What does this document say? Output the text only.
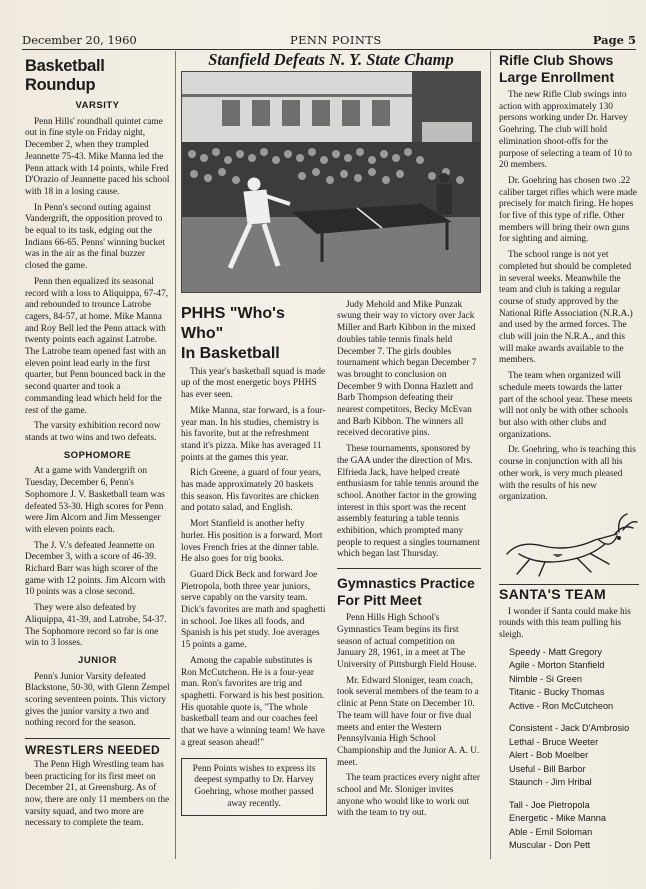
December 20, 1960	PENN POINTS	Page 5
Basketball Roundup
VARSITY

Penn Hills' roundball quintet came out in fine style on Friday night, December 2, when they trampled Jeannette 75-43. Mike Manna led the Penn attack with 14 points, while Fred D'Orazio of Jeannette paced his school with 18 in a losing cause.

In Penn's second outing against Vandergrift, the opposition proved to be equal to its task, edging out the Indians 66-65. Penns' winning bucket was in the air as the final buzzer closed the game.

Penn then equalized its seasonal record with a loss to Aliquippa, 67-47, and rebounded to trounce Latrobe cagers, 84-57, at home. Mike Manna and Roy Bell led the Penn attack with twenty points each against Latrobe. The Latrobe team opened fast with an eleven point lead early in the first quarter, but Penn bounced back in the second quarter and took a commanding lead which held for the rest of the game.

The varsity exhibition record now stands at two wins and two defeats.

SOPHOMORE

At a game with Vandergrift on Tuesday, December 6, Penn's Sophomore J. V. Basketball team was defeated 53-30. High scores for Penn were Jim Alcorn and Jim Messenger with eleven points each.

The J. V.'s defeated Jeannette on December 3, with a score of 46-39. Richard Barr was high scorer of the game with 12 points. Jim Alcorn with 10 points was a close second.

They were also defeated by Aliquippa, 41-39, and Latrobe, 54-37. The Sophomore record so far is one win to 3 losses.

JUNIOR

Penn's Junior Varsity defeated Blackstone, 50-30, with Glenn Zempel scoring seventeen points. This victory gives the junior varsity a two and nothing record for the season.

WRESTLERS NEEDED

The Penn High Wrestling team has been practicing for its first meet on December 21, at Greensburg. As of now, there are only 11 members on the varsity squad, and two more are necessary to complete the team.

Stanfield Defeats N. Y. State Champ
PHHS "Who's Who"
In Basketball

This year's basketball squad is made up of the most energetic boys PHHS has ever seen.

Mike Manna, star forward, is a four-year man. In his studies, chemistry is his favorite, but at the refreshment stand it's pizza. Mike has averaged 11 points at the games this year.

Rich Greene, a guard of four years, has made approximately 20 baskets this season. His favorites are chicken and potato salad, and English.

Mort Stanfield is another hefty hurler. His position is a forward. Mort loves French fries at the dinner table. He also goes for trig books.

Guard Dick Beck and forward Joe Pietropola, both three year juniors, serve capably on the varsity team. Dick's favorites are math and spaghetti in school. Joe likes all foods, and Spanish is his pet study. Joe averages 15 points a game.

Among the capable substitutes is Ron McCutcheon. He is a four-year man. Ron's favorites are trig and spaghetti. Forward is his best position. His quotable quote is, "The whole basketball team and our coaches feel that we have a winning team! We have a great season ahead!"

Penn Points wishes to express its deepest sympathy to Dr. Harvey Goehring, whose mother passed away recently.

Judy Mehold and Mike Punzak swung their way to victory over Jack Miller and Barb Kibbon in the mixed doubles table tennis finals held December 7. The girls doubles tournament which began December 7 was brought to conclusion on December 9 with Donna Hazlett and Barb Thompson defeating their nearest competitors, Becky McEvan and Barb Kibbon. The winners all received decorative pins.

These tournaments, sponsored by the GAA under the direction of Mrs. Elfrieda Jack, have helped create enthusiasm for table tennis around the school. Another factor in the growing interest in this sport was the recent assembly featuring a table tennis exhibition, which prompted many people to request a singles tournament which began last Thursday.

Gymnastics Practice
For Pitt Meet

Penn Hills High School's Gymnastics Team begins its first season of actual competition on January 28, 1961, in a meet at The University of Pittsburgh Field House.

Mr. Edward Sloniger, team coach, took several members of the team to a clinic at Penn State on December 10. The team will have four or five dual meets and enter the Western Pennsylvania High School Championship and the Junior A. A. U. meet.

The team practices every night after school and Mr. Sloniger invites anyone who would like to work out with the team to try out.

Rifle Club Shows
Large Enrollment

The new Rifle Club swings into action with approximately 130 persons working under Dr. Harvey Goehring. The club will hold elimination shoot-offs for the purpose of selecting a team of 10 to 20 members.

Dr. Goehring has chosen two .22 caliber target rifles which were made precisely for match firing. He hopes for five of this type of rifle. Other members will bring their own guns for sighting and aiming.

The school range is not yet completed but should be completed in several weeks. Meanwhile the team and club is taking a regular course of study approved by the National Rifle Association (N.R.A.) and used by the armed forces. The club will join the N.R.A., and this will make awards available to the members.

The team when organized will schedule meets towards the latter part of the school year. These meets will not only be with other schools but also with other clubs and organizations.

Dr. Goehring, who is teaching this course in conjunction with all his other work, is very much pleased with the results of his new organization.

SANTA'S TEAM

I wonder if Santa could make his rounds with this team pulling his sleigh.

Speedy - Matt Gregory
Agile - Morton Stanfield
Nimble - Si Green
Titanic - Bucky Thomas
Active - Ron McCutcheon
Consistent - Jack D'Ambrosio
Lethal - Bruce Weeter
Alert - Bob Moelber
Useful - Bill Barbor
Staunch - Jim Hribal
Tall - Joe Pietropola
Energetic - Mike Manna
Able - Emil Soloman
Muscular - Don Pett
